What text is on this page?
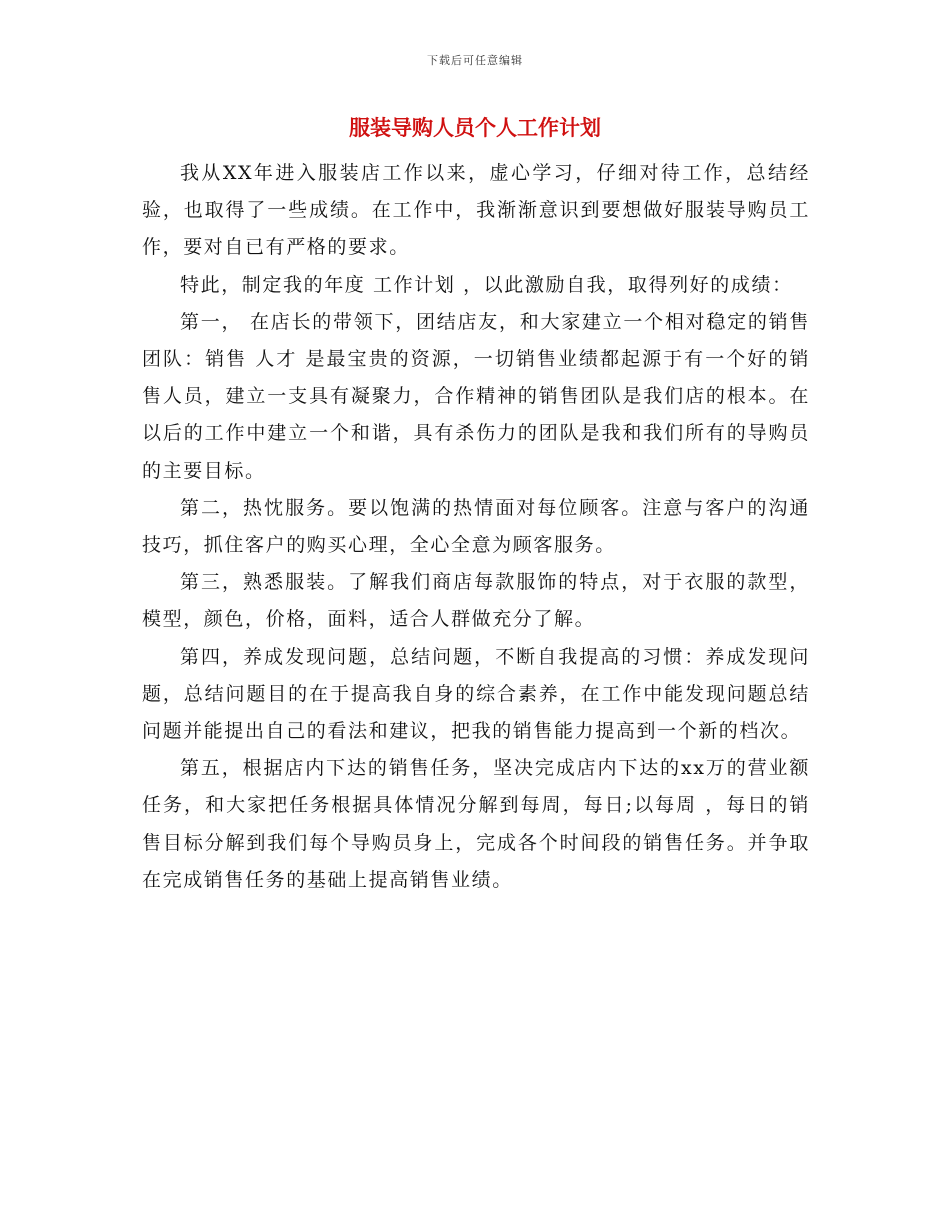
下载后可任意编辑
服装导购人员个人工作计划

我从XX年进入服装店工作以来，虚心学习，仔细对待工作，总结经验，也取得了一些成绩。在工作中，我渐渐意识到要想做好服装导购员工作，要对自已有严格的要求。

特此，制定我的年度 工作计划 ，以此激励自我，取得列好的成绩：

第一， 在店长的带领下，团结店友，和大家建立一个相对稳定的销售团队：销售 人才 是最宝贵的资源，一切销售业绩都起源于有一个好的销售人员，建立一支具有凝聚力，合作精神的销售团队是我们店的根本。在以后的工作中建立一个和谐，具有杀伤力的团队是我和我们所有的导购员的主要目标。

第二，热忱服务。要以饱满的热情面对每位顾客。注意与客户的沟通技巧，抓住客户的购买心理，全心全意为顾客服务。

第三，熟悉服装。了解我们商店每款服饰的特点，对于衣服的款型，模型，颜色，价格，面料，适合人群做充分了解。

第四，养成发现问题，总结问题，不断自我提高的习惯：养成发现问题，总结问题目的在于提高我自身的综合素养，在工作中能发现问题总结问题并能提出自己的看法和建议，把我的销售能力提高到一个新的档次。

第五，根据店内下达的销售任务，坚决完成店内下达的xx万的营业额任务，和大家把任务根据具体情况分解到每周，每日;以每周 ，每日的销售目标分解到我们每个导购员身上，完成各个时间段的销售任务。并争取在完成销售任务的基础上提高销售业绩。
